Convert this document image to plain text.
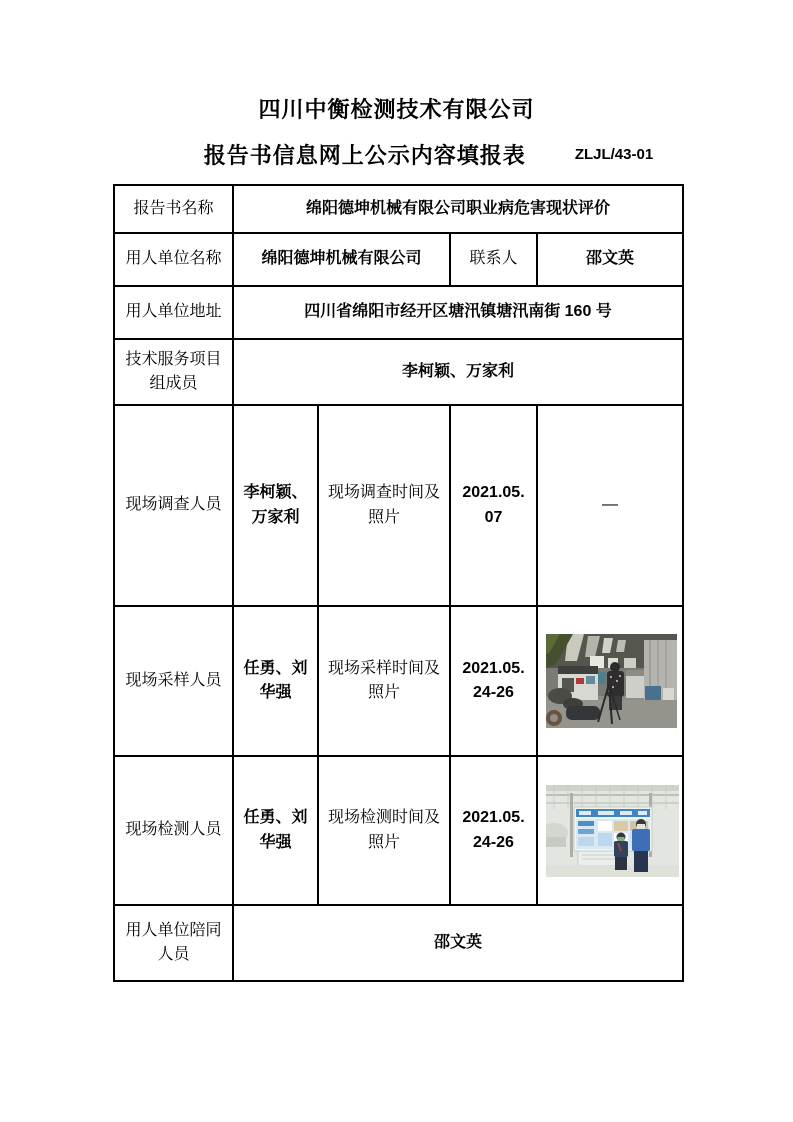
四川中衡检测技术有限公司
报告书信息网上公示内容填报表	ZLJL/43-01
报告书名称	绵阳德坤机械有限公司职业病危害现状评价			
用人单位名称	绵阳德坤机械有限公司		联系人	邵文英
用人单位地址	四川省绵阳市经开区塘汛镇塘汛南街 160 号			
技术服务项目组成员	李柯颖、万家利			
现场调查人员	李柯颖、万家利	现场调查时间及照片	2021.05.07	—
现场采样人员	任勇、刘华强	现场采样时间及照片	2021.05.24-26	

现场检测人员	任勇、刘华强	现场检测时间及照片	2021.05.24-26	

用人单位陪同人员	邵文英			
